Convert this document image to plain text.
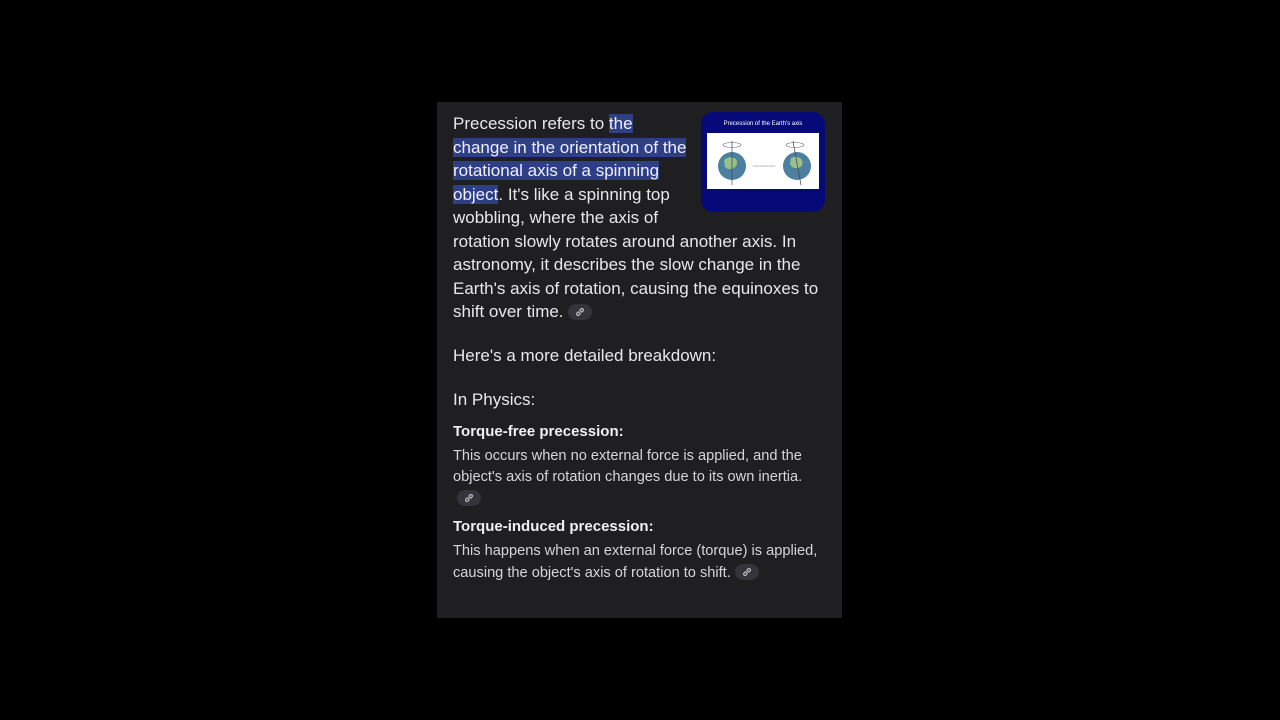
Precession of the Earth's axis

Precession refers to the change in the orientation of the rotational axis of a spinning object. It's like a spinning top wobbling, where the axis of rotation slowly rotates around another axis. In astronomy, it describes the slow change in the Earth's axis of rotation, causing the equinoxes to shift over time.

Here's a more detailed breakdown:

In Physics:

Torque-free precession:

This occurs when no external force is applied, and the object's axis of rotation changes due to its own inertia.

Torque-induced precession:

This happens when an external force (torque) is applied, causing the object's axis of rotation to shift.
